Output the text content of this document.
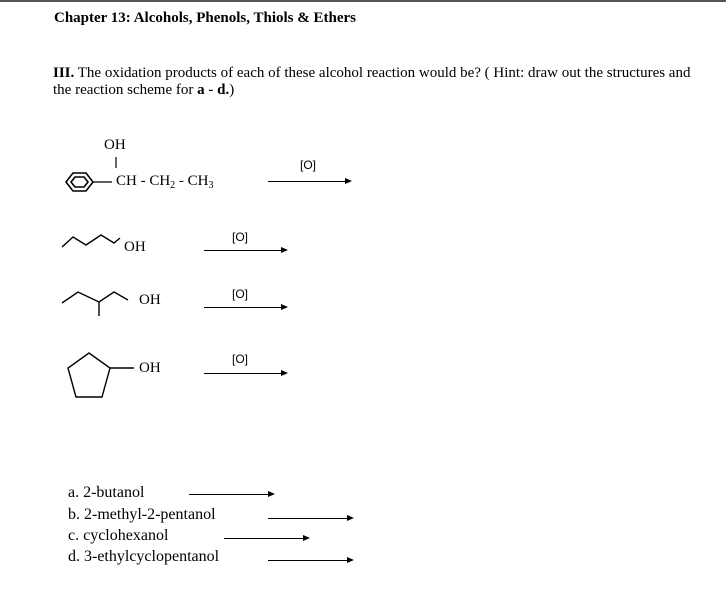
Chapter 13: Alcohols, Phenols, Thiols & Ethers
III. The oxidation products of each of these alcohol reaction would be? ( Hint: draw out the structures and the reaction scheme for a - d.)
OH
CH - $CH_2 - CH_3$
[O]
OH
[O]
OH	[O]
OH
[O]
a. 2-butanol
b. 2-methyl-2-pentanol
c. cyclohexanol
d. 3-ethylcyclopentanol
